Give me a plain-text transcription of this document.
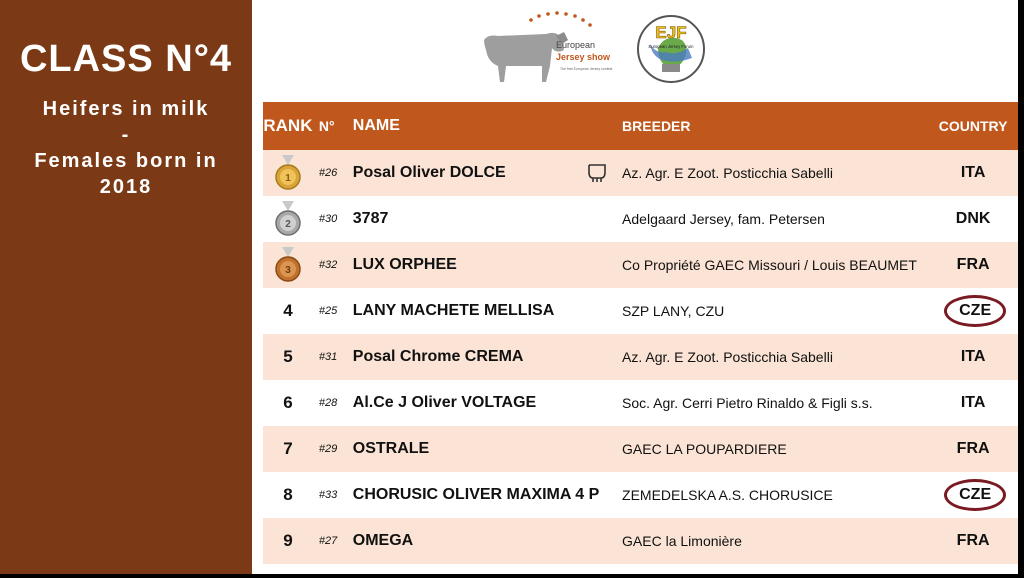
CLASS N°4
Heifers in milk
-
Females born in
2018
European
Jersey show
The first European Jersey contest
EJF
European Jersey Forum
RANK N°	NAME	BREEDER	COUNTRY
1	#26 Posal Oliver DOLCE	Az. Agr. E Zoot. Posticchia Sabelli	ITA
2	#30 3787	Adelgaard Jersey, fam. Petersen	DNK
3	#32 LUX ORPHEE	Co Propriété GAEC Missouri / Louis BEAUMET	FRA
4	#25 LANY MACHETE MELLISA	SZP LANY, CZU	CZE
5	#31 Posal Chrome CREMA	Az. Agr. E Zoot. Posticchia Sabelli	ITA
6	#28 Al.Ce J Oliver VOLTAGE	Soc. Agr. Cerri Pietro Rinaldo & Figli s.s.	ITA
7	#29 OSTRALE	GAEC LA POUPARDIERE	FRA
8	#33 CHORUSIC OLIVER MAXIMA 4 P	ZEMEDELSKA A.S. CHORUSICE	CZE
9	#27 OMEGA	GAEC la Limonière	FRA
